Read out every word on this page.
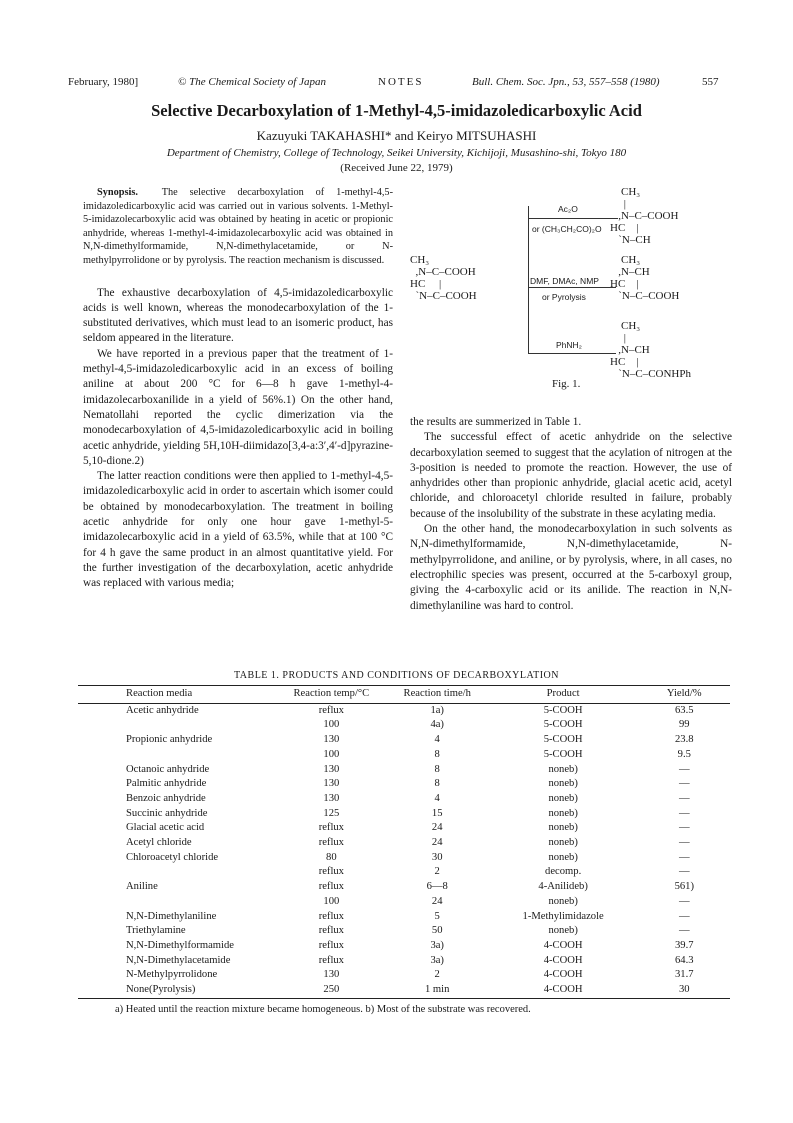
February, 1980]	© The Chemical Society of Japan	NOTES	Bull. Chem. Soc. Jpn., 53, 557–558 (1980)	557
Selective Decarboxylation of 1-Methyl-4,5-imidazoledicarboxylic Acid
Kazuyuki TAKAHASHI* and Keiryo MITSUHASHI
Department of Chemistry, College of Technology, Seikei University, Kichijoji, Musashino-shi, Tokyo 180
(Received June 22, 1979)

Synopsis. The selective decarboxylation of 1-methyl-4,5-imidazoledicarboxylic acid was carried out in various solvents. 1-Methyl-5-imidazolecarboxylic acid was obtained by heating in acetic or propionic anhydride, whereas 1-methyl-4-imidazolecarboxylic acid was obtained in N,N-dimethylformamide, N,N-dimethylacetamide, or N-methylpyrrolidone or by pyrolysis. The reaction mechanism is discussed.

The exhaustive decarboxylation of 4,5-imidazoledicarboxylic acids is well known, whereas the monodecarboxylation of the 1-substituted derivatives, which must lead to an isomeric product, has seldom appeared in the literature.

We have reported in a previous paper that the treatment of 1-methyl-4,5-imidazoledicarboxylic acid in an excess of boiling aniline at about 200 °C for 6—8 h gave 1-methyl-4-imidazolecarboxanilide in a yield of 56%.1) On the other hand, Nematollahi reported the cyclic dimerization via the monodecarboxylation of 4,5-imidazoledicarboxylic acid in boiling acetic anhydride, yielding 5H,10H-diimidazo[3,4-a:3′,4′-d]pyrazine-5,10-dione.2)

The latter reaction conditions were then applied to 1-methyl-4,5-imidazoledicarboxylic acid in order to ascertain which isomer could be obtained by monodecarboxylation. The treatment in boiling acetic anhydride for only one hour gave 1-methyl-5-imidazolecarboxylic acid in a yield of 63.5%, while that at 100 °C for 4 h gave the same product in an almost quantitative yield. For the further investigation of the decarboxylation, acetic anhydride was replaced with various media;

CH₃
,N–C–COOH
HC     |
ˋN–C–COOH
Ac₂O
or (CH₃CH₂CO)₂O
CH₃
|
,N–C–COOH
HC    |
ˋN–CH
DMF, DMAc, NMP
or Pyrolysis
CH₃
,N–CH
HC    |
ˋN–C–COOH
PhNH₂
CH₃
|
,N–CH
HC    |
ˋN–C–CONHPh
Fig. 1.

the results are summerized in Table 1.

The successful effect of acetic anhydride on the selective decarboxylation seemed to suggest that the acylation of nitrogen at the 3-position is needed to promote the reaction. However, the use of anhydrides other than propionic anhydride, glacial acetic acid, acetyl chloride, and chloroacetyl chloride resulted in failure, probably because of the insolubility of the substrate in these acylating media.

On the other hand, the monodecarboxylation in such solvents as N,N-dimethylformamide, N,N-dimethylacetamide, N-methylpyrrolidone, and aniline, or by pyrolysis, where, in all cases, no electrophilic species was present, occurred at the 5-carboxyl group, giving the 4-carboxylic acid or its anilide. The reaction in N,N-dimethylaniline was hard to control.

TABLE 1. PRODUCTS AND CONDITIONS OF DECARBOXYLATION
Reaction media	Reaction temp/°C	Reaction time/h	Product	Yield/%
Acetic anhydride	reflux	1a)	5-COOH	63.5
	100	4a)	5-COOH	99
Propionic anhydride	130	4	5-COOH	23.8
	100	8	5-COOH	9.5
Octanoic anhydride	130	8	noneb)	—
Palmitic anhydride	130	8	noneb)	—
Benzoic anhydride	130	4	noneb)	—
Succinic anhydride	125	15	noneb)	—
Glacial acetic acid	reflux	24	noneb)	—
Acetyl chloride	reflux	24	noneb)	—
Chloroacetyl chloride	80	30	noneb)	—
	reflux	2	decomp.	—
Aniline	reflux	6—8	4-Anilideb)	561)
	100	24	noneb)	—
N,N-Dimethylaniline	reflux	5	1-Methylimidazole	—
Triethylamine	reflux	50	noneb)	—
N,N-Dimethylformamide	reflux	3a)	4-COOH	39.7
N,N-Dimethylacetamide	reflux	3a)	4-COOH	64.3
N-Methylpyrrolidone	130	2	4-COOH	31.7
None(Pyrolysis)	250	1 min	4-COOH	30
a) Heated until the reaction mixture became homogeneous. b) Most of the substrate was recovered.
